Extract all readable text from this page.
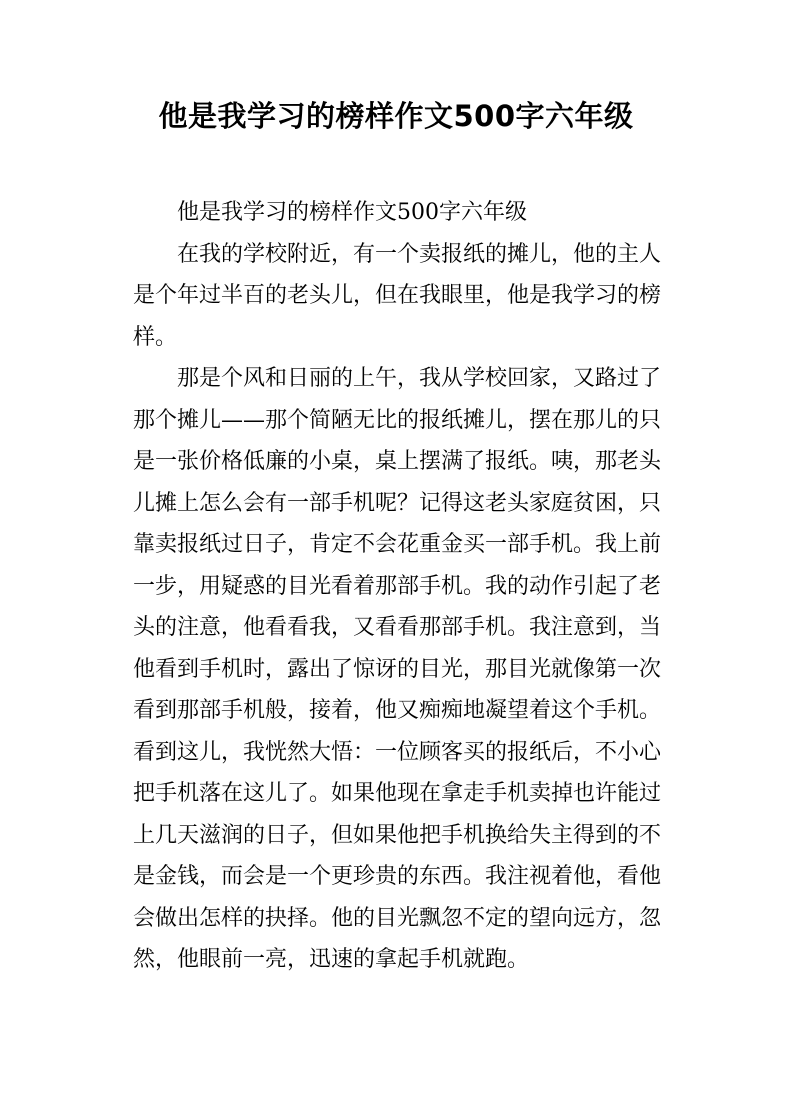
他是我学习的榜样作文500字六年级

他是我学习的榜样作文500字六年级

在我的学校附近，有一个卖报纸的摊儿，他的主人是个年过半百的老头儿，但在我眼里，他是我学习的榜样。

那是个风和日丽的上午，我从学校回家，又路过了那个摊儿——那个简陋无比的报纸摊儿，摆在那儿的只是一张价格低廉的小桌，桌上摆满了报纸。咦，那老头儿摊上怎么会有一部手机呢？记得这老头家庭贫困，只靠卖报纸过日子，肯定不会花重金买一部手机。我上前一步，用疑惑的目光看着那部手机。我的动作引起了老头的注意，他看看我，又看看那部手机。我注意到，当他看到手机时，露出了惊讶的目光，那目光就像第一次看到那部手机般，接着，他又痴痴地凝望着这个手机。看到这儿，我恍然大悟：一位顾客买的报纸后，不小心把手机落在这儿了。如果他现在拿走手机卖掉也许能过上几天滋润的日子，但如果他把手机换给失主得到的不是金钱，而会是一个更珍贵的东西。我注视着他，看他会做出怎样的抉择。他的目光飘忽不定的望向远方，忽然，他眼前一亮，迅速的拿起手机就跑。
